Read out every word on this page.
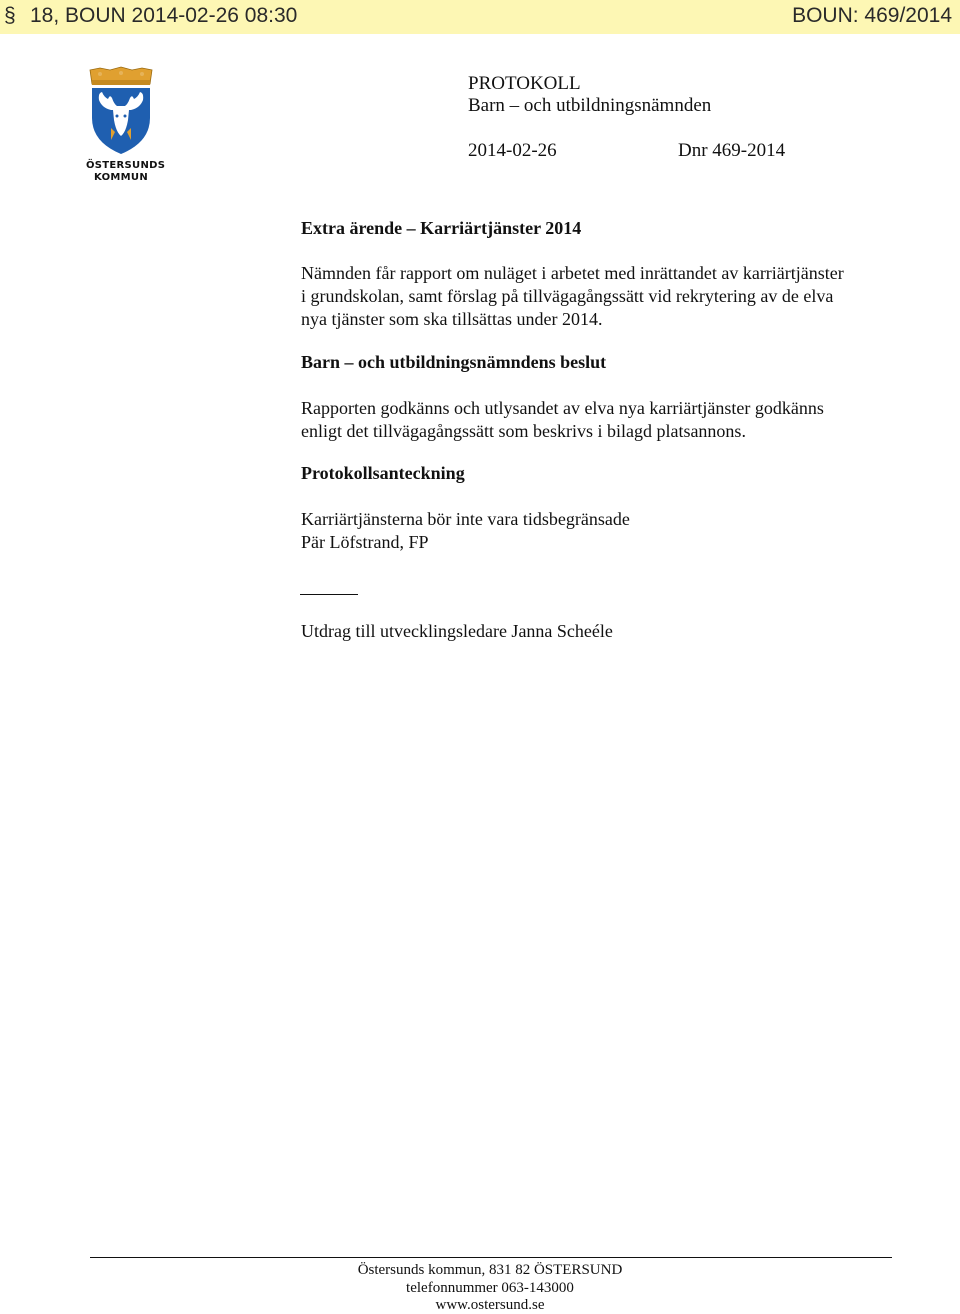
§ 18, BOUN 2014-02-26 08:30	BOUN: 469/2014
ÖSTERSUNDS
KOMMUN
PROTOKOLL
Barn – och utbildningsnämnden
2014-02-26	Dnr 469-2014
Extra ärende – Karriärtjänster 2014
Nämnden får rapport om nuläget i arbetet med inrättandet av karriärtjänster
i grundskolan, samt förslag på tillvägagångssätt vid rekrytering av de elva
nya tjänster som ska tillsättas under 2014.
Barn – och utbildningsnämndens beslut
Rapporten godkänns och utlysandet av elva nya karriärtjänster godkänns
enligt det tillvägagångssätt som beskrivs i bilagd platsannons.
Protokollsanteckning
Karriärtjänsterna bör inte vara tidsbegränsade
Pär Löfstrand, FP
Utdrag till utvecklingsledare Janna Scheéle
Östersunds kommun, 831 82 ÖSTERSUND
telefonnummer 063-143000
www.ostersund.se
